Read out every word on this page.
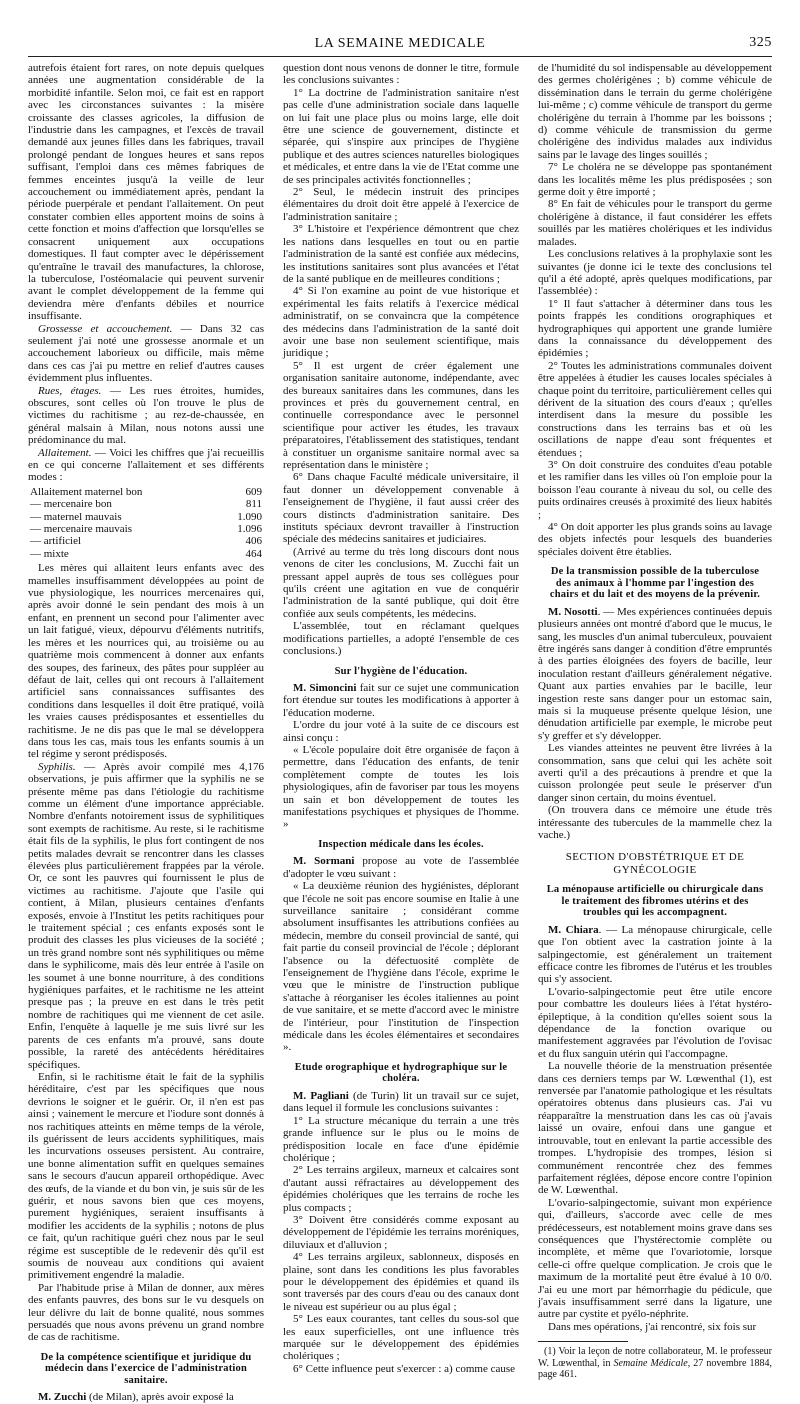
LA SEMAINE MEDICALE	325

autrefois étaient fort rares, on note depuis quelques années une augmentation considérable de la morbidité infantile. Selon moi, ce fait est en rapport avec les circonstances suivantes : la misère croissante des classes agricoles, la diffusion de l'industrie dans les campagnes, et l'excès de travail demandé aux jeunes filles dans les fabriques, travail prolongé pendant de longues heures et sans repos suffisant, l'emploi dans ces mêmes fabriques de femmes enceintes jusqu'à la veille de leur accouchement ou immédiatement après, pendant la période puerpérale et pendant l'allaitement. On peut constater combien elles apportent moins de soins à cette fonction et moins d'affection que lorsqu'elles se consacrent uniquement aux occupations domestiques. Il faut compter avec le dépérissement qu'entraîne le travail des manufactures, la chlorose, la tuberculose, l'ostéomalacie qui peuvent survenir avant le complet développement de la femme qui deviendra mère d'enfants débiles et nourrice insuffisante.

Grossesse et accouchement. — Dans 32 cas seulement j'ai noté une grossesse anormale et un accouchement laborieux ou difficile, mais même dans ces cas j'ai pu mettre en relief d'autres causes évidemment plus influentes.

Rues, étages. — Les rues étroites, humides, obscures, sont celles où l'on trouve le plus de victimes du rachitisme ; au rez-de-chaussée, en général malsain à Milan, nous notons aussi une prédominance du mal.

Allaitement. — Voici les chiffres que j'ai recueillis en ce qui concerne l'allaitement et ses différents modes :

Allaitement maternel bon	609
— mercenaire bon	811
— maternel mauvais	1.090
— mercenaire mauvais	1.096
— artificiel	406
— mixte	464

Les mères qui allaitent leurs enfants avec des mamelles insuffisamment développées au point de vue physiologique, les nourrices mercenaires qui, après avoir donné le sein pendant des mois à un enfant, en prennent un second pour l'alimenter avec un lait fatigué, vieux, dépourvu d'éléments nutritifs, les mères et les nourrices qui, au troisième ou au quatrième mois commencent à donner aux enfants des soupes, des farineux, des pâtes pour suppléer au défaut de lait, celles qui ont recours à l'allaitement artificiel sans connaissances suffisantes des conditions dans lesquelles il doit être pratiqué, voilà les vraies causes prédisposantes et essentielles du rachitisme. Je ne dis pas que le mal se développera dans tous les cas, mais tous les enfants soumis à un tel régime y seront prédisposés.

Syphilis. — Après avoir compilé mes 4,176 observations, je puis affirmer que la syphilis ne se présente même pas dans l'étiologie du rachitisme comme un élément d'une importance appréciable. Nombre d'enfants notoirement issus de syphilitiques sont exempts de rachitisme. Au reste, si le rachitisme était fils de la syphilis, le plus fort contingent de nos petits malades devrait se rencontrer dans les classes élevées plus particulièrement frappées par la vérole. Or, ce sont les pauvres qui fournissent le plus de victimes au rachitisme. J'ajoute que l'asile qui contient, à Milan, plusieurs centaines d'enfants exposés, envoie à l'Institut les petits rachitiques pour le traitement spécial ; ces enfants exposés sont le produit des classes les plus vicieuses de la société ; un très grand nombre sont nés syphilitiques ou même dans le syphilicome, mais dès leur entrée à l'asile on les soumet à une bonne nourriture, à des conditions hygiéniques parfaites, et le rachitisme ne les atteint presque pas ; la preuve en est dans le très petit nombre de rachitiques qui me viennent de cet asile. Enfin, l'enquête à laquelle je me suis livré sur les parents de ces enfants m'a prouvé, sans doute possible, la rareté des antécédents héréditaires spécifiques.

Enfin, si le rachitisme était le fait de la syphilis héréditaire, c'est par les spécifiques que nous devrions le soigner et le guérir. Or, il n'en est pas ainsi ; vainement le mercure et l'iodure sont donnés à nos rachitiques atteints en même temps de la vérole, ils guérissent de leurs accidents syphilitiques, mais les incurvations osseuses persistent. Au contraire, une bonne alimentation suffit en quelques semaines sans le secours d'aucun appareil orthopédique. Avec des œufs, de la viande et du bon vin, je suis sûr de les guérir, et nous savons bien que ces moyens, purement hygiéniques, seraient insuffisants à modifier les accidents de la syphilis ; notons de plus ce fait, qu'un rachitique guéri chez nous par le seul régime est susceptible de le redevenir dès qu'il est soumis de nouveau aux conditions qui avaient primitivement engendré la maladie.

Par l'habitude prise à Milan de donner, aux mères des enfants pauvres, des bons sur le vu desquels on leur délivre du lait de bonne qualité, nous sommes persuadés que nous avons prévenu un grand nombre de cas de rachitisme.

De la compétence scientifique et juridique du médecin dans l'exercice de l'administration sanitaire.

M. Zucchi (de Milan), après avoir exposé la

question dont nous venons de donner le titre, formule les conclusions suivantes :

1° La doctrine de l'administration sanitaire n'est pas celle d'une administration sociale dans laquelle on lui fait une place plus ou moins large, elle doit être une science de gouvernement, distincte et séparée, qui s'inspire aux principes de l'hygiène publique et des autres sciences naturelles biologiques et médicales, et entre dans la vie de l'Etat comme une de ses principales activités fonctionnelles ;

2° Seul, le médecin instruit des principes élémentaires du droit doit être appelé à l'exercice de l'administration sanitaire ;

3° L'histoire et l'expérience démontrent que chez les nations dans lesquelles en tout ou en partie l'administration de la santé est confiée aux médecins, les institutions sanitaires sont plus avancées et l'état de la santé publique en de meilleures conditions ;

4° Si l'on examine au point de vue historique et expérimental les faits relatifs à l'exercice médical administratif, on se convaincra que la compétence des médecins dans l'administration de la santé doit avoir une base non seulement scientifique, mais juridique ;

5° Il est urgent de créer également une organisation sanitaire autonome, indépendante, avec des bureaux sanitaires dans les communes, dans les provinces et près du gouvernement central, en continuelle correspondance avec le personnel scientifique pour activer les études, les travaux préparatoires, l'établissement des statistiques, tendant à constituer un organisme sanitaire normal avec sa représentation dans le ministère ;

6° Dans chaque Faculté médicale universitaire, il faut donner un développement convenable à l'enseignement de l'hygiène, il faut aussi créer des cours distincts d'administration sanitaire. Des instituts spéciaux devront travailler à l'instruction spéciale des médecins sanitaires et judiciaires.

(Arrivé au terme du très long discours dont nous venons de citer les conclusions, M. Zucchi fait un pressant appel auprès de tous ses collègues pour qu'ils créent une agitation en vue de conquérir l'administration de la santé publique, qui doit être confiée aux seuls compétents, les médecins.

L'assemblée, tout en réclamant quelques modifications partielles, a adopté l'ensemble de ces conclusions.)

Sur l'hygiène de l'éducation.

M. Simoncini fait sur ce sujet une communication fort étendue sur toutes les modifications à apporter à l'éducation moderne.

L'ordre du jour voté à la suite de ce discours est ainsi conçu :

« L'école populaire doit être organisée de façon à permettre, dans l'éducation des enfants, de tenir complètement compte de toutes les lois physiologiques, afin de favoriser par tous les moyens un sain et bon développement de toutes les manifestations psychiques et physiques de l'homme. »

Inspection médicale dans les écoles.

M. Sormani propose au vote de l'assemblée d'adopter le vœu suivant :

« La deuxième réunion des hygiénistes, déplorant que l'école ne soit pas encore soumise en Italie à une surveillance sanitaire ; considérant comme absolument insuffisantes les attributions confiées au médecin, membre du conseil provincial de santé, qui fait partie du conseil provincial de l'école ; déplorant l'absence ou la défectuosité complète de l'enseignement de l'hygiène dans l'école, exprime le vœu que le ministre de l'instruction publique s'attache à réorganiser les écoles italiennes au point de vue sanitaire, et se mette d'accord avec le ministre de l'intérieur, pour l'institution de l'inspection médicale dans les écoles élémentaires et secondaires ».

Etude orographique et hydrographique sur le choléra.

M. Pagliani (de Turin) lit un travail sur ce sujet, dans lequel il formule les conclusions suivantes :

1° La structure mécanique du terrain a une très grande influence sur le plus ou le moins de prédisposition locale en face d'une épidémie cholérique ;

2° Les terrains argileux, marneux et calcaires sont d'autant aussi réfractaires au développement des épidémies cholériques que les terrains de roche les plus compacts ;

3° Doivent être considérés comme exposant au développement de l'épidémie les terrains moréniques, diluviaux et d'alluvion ;

4° Les terrains argileux, sablonneux, disposés en plaine, sont dans les conditions les plus favorables pour le développement des épidémies et quand ils sont traversés par des cours d'eau ou des canaux dont le niveau est supérieur ou au plus égal ;

5° Les eaux courantes, tant celles du sous-sol que les eaux superficielles, ont une influence très marquée sur le développement des épidémies cholériques ;

6° Cette influence peut s'exercer : a) comme cause

de l'humidité du sol indispensable au développement des germes cholérigènes ; b) comme véhicule de dissémination dans le terrain du germe cholérigène lui-même ; c) comme véhicule de transport du germe cholérigène du terrain à l'homme par les boissons ; d) comme véhicule de transmission du germe cholérigène des individus malades aux individus sains par le lavage des linges souillés ;

7° Le choléra ne se développe pas spontanément dans les localités même les plus prédisposées ; son germe doit y être importé ;

8° En fait de véhicules pour le transport du germe cholérigène à distance, il faut considérer les effets souillés par les matières cholériques et les individus malades.

Les conclusions relatives à la prophylaxie sont les suivantes (je donne ici le texte des conclusions tel qu'il a été adopté, après quelques modifications, par l'assemblée) :

1° Il faut s'attacher à déterminer dans tous les points frappés les conditions orographiques et hydrographiques qui apportent une grande lumière dans la connaissance du développement des épidémies ;

2° Toutes les administrations communales doivent être appelées à étudier les causes locales spéciales à chaque point du territoire, particulièrement celles qui dérivent de la situation des cours d'eaux ; qu'elles interdisent dans la mesure du possible les constructions dans les terrains bas et où les oscillations de nappe d'eau sont fréquentes et étendues ;

3° On doit construire des conduites d'eau potable et les ramifier dans les villes où l'on emploie pour la boisson l'eau courante à niveau du sol, ou celle des puits ordinaires creusés à proximité des lieux habités ;

4° On doit apporter les plus grands soins au lavage des objets infectés pour lesquels des buanderies spéciales doivent être établies.

De la transmission possible de la tuberculose des animaux à l'homme par l'ingestion des chairs et du lait et des moyens de la prévenir.

M. Nosotti. — Mes expériences continuées depuis plusieurs années ont montré d'abord que le mucus, le sang, les muscles d'un animal tuberculeux, pouvaient être ingérés sans danger à condition d'être empruntés à des parties éloignées des foyers de bacille, leur inoculation restant d'ailleurs généralement négative. Quant aux parties envahies par le bacille, leur ingestion reste sans danger pour un estomac sain, mais si la muqueuse présente quelque lésion, une dénudation artificielle par exemple, le microbe peut s'y greffer et s'y développer.

Les viandes atteintes ne peuvent être livrées à la consommation, sans que celui qui les achète soit averti qu'il a des précautions à prendre et que la cuisson prolongée peut seule le préserver d'un danger sinon certain, du moins éventuel.

(On trouvera dans ce mémoire une étude très intéressante des tubercules de la mammelle chez la vache.)

SECTION D'OBSTÉTRIQUE ET DE GYNÉCOLOGIE
La ménopause artificielle ou chirurgicale dans le traitement des fibromes utérins et des troubles qui les accompagnent.

M. Chiara. — La ménopause chirurgicale, celle que l'on obtient avec la castration jointe à la salpingectomie, est généralement un traitement efficace contre les fibromes de l'utérus et les troubles qui s'y associent.

L'ovario-salpingectomie peut être utile encore pour combattre les douleurs liées à l'état hystéro-épileptique, à la condition qu'elles soient sous la dépendance de la fonction ovarique ou manifestement aggravées par l'évolution de l'ovisac et du flux sanguin utérin qui l'accompagne.

La nouvelle théorie de la menstruation présentée dans ces derniers temps par W. Lœwenthal (1), est renversée par l'anatomie pathologique et les résultats opératoires obtenus dans plusieurs cas. J'ai vu réapparaître la menstruation dans les cas où j'avais laissé un ovaire, enfoui dans une gangue et introuvable, tout en enlevant la partie accessible des trompes. L'hydropisie des trompes, lésion si communément rencontrée chez des femmes parfaitement réglées, dépose encore contre l'opinion de W. Lœwenthal.

L'ovario-salpingectomie, suivant mon expérience qui, d'ailleurs, s'accorde avec celle de mes prédécesseurs, est notablement moins grave dans ses conséquences que l'hystérectomie complète ou incomplète, et même que l'ovariotomie, lorsque celle-ci offre quelque complication. Je crois que le maximum de la mortalité peut être évalué à 10 0/0. J'ai eu une mort par hémorrhagie du pédicule, que j'avais insuffisamment serré dans la ligature, une autre par cystite et pyélo-néphrite.

Dans mes opérations, j'ai rencontré, six fois sur

(1) Voir la leçon de notre collaborateur, M. le professeur W. Lœwenthal, in Semaine Médicale, 27 novembre 1884, page 461.
